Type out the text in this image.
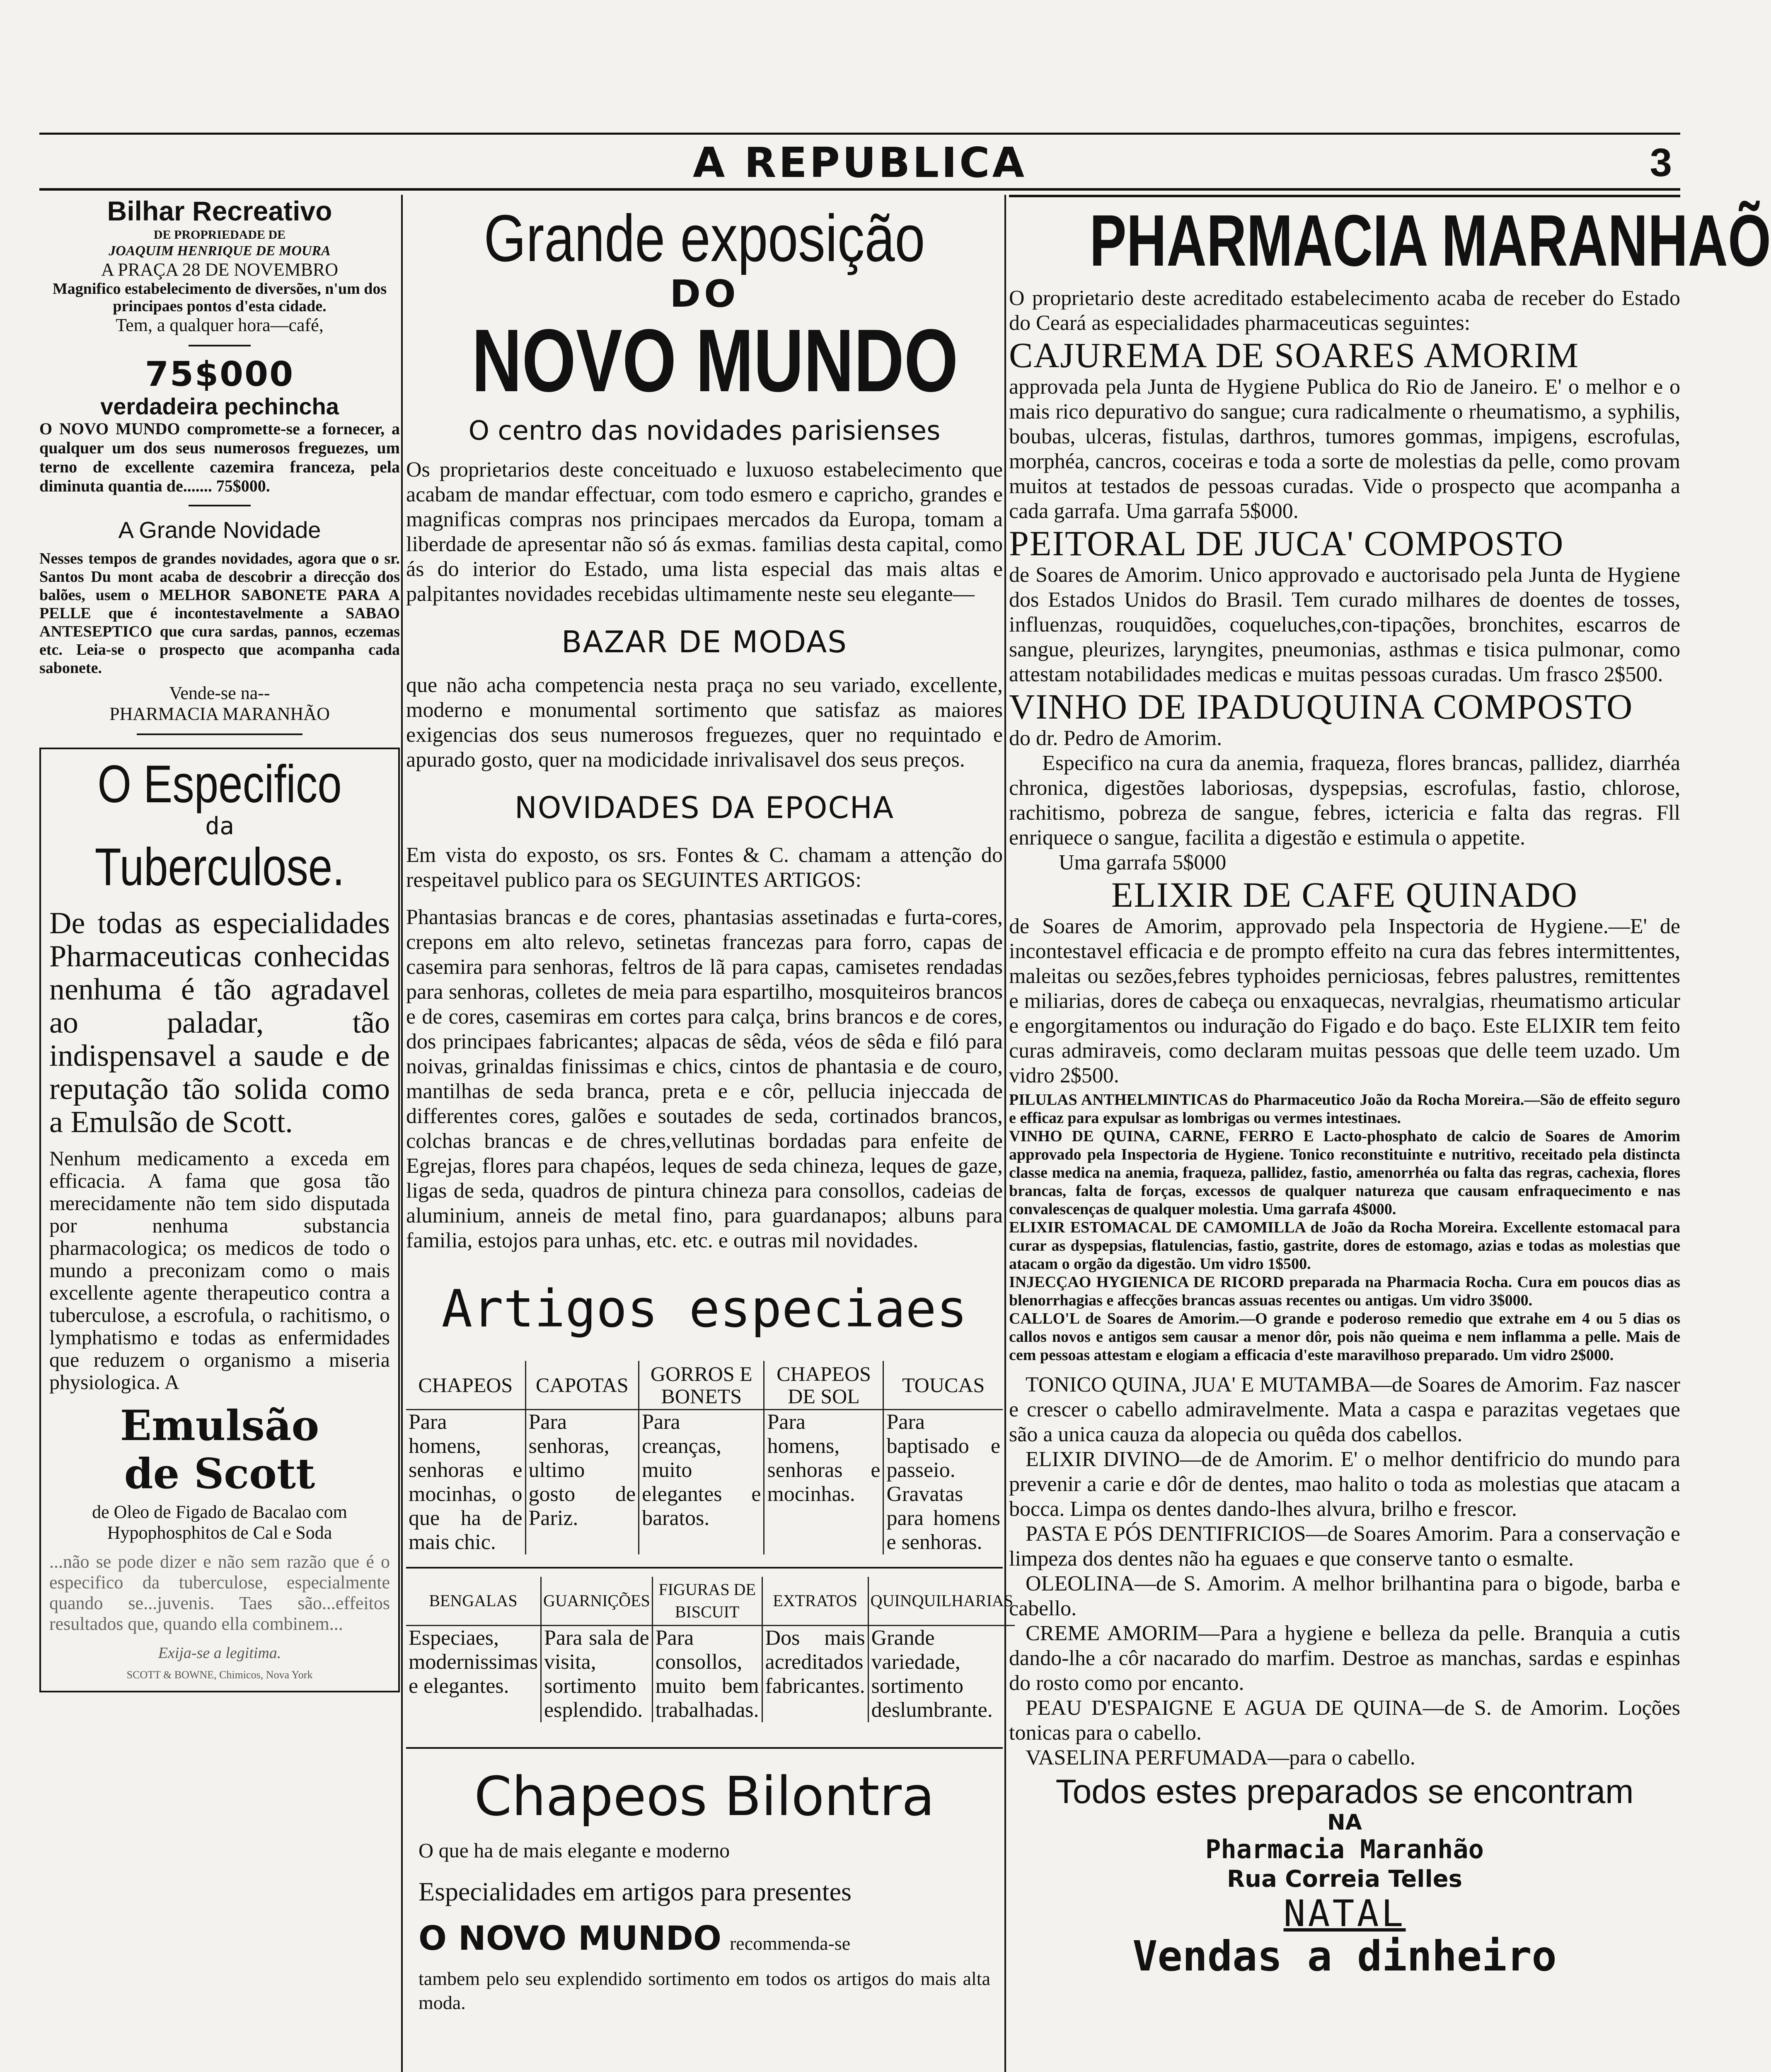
A REPUBLICA	3
Bilhar Recreativo
DE PROPRIEDADE DE
JOAQUIM HENRIQUE DE MOURA
A PRAÇA 28 DE NOVEMBRO

Magnifico estabelecimento de diversões, n'um dos principaes pontos d'esta cidade.

Tem, a qualquer hora—café,

75$000
verdadeira pechincha

O NOVO MUNDO compromette-se a fornecer, a qualquer um dos seus numerosos freguezes, um terno de excellente cazemira franceza, pela diminuta quantia de....... 75$000.

A Grande Novidade

Nesses tempos de grandes novidades, agora que o sr. Santos Du mont acaba de descobrir a direcção dos balões, usem o MELHOR SABONETE PARA A PELLE que é incontestavelmente a SABAO ANTESEPTICO que cura sardas, pannos, eczemas etc. Leia-se o prospecto que acompanha cada sabonete.

Vende-se na--

PHARMACIA MARANHÃO

O Especifico
da
Tuberculose.

De todas as especialidades Pharmaceuticas conhecidas nenhuma é tão agradavel ao paladar, tão indispensavel a saude e de reputação tão solida como a Emulsão de Scott.

Nenhum medicamento a exceda em efficacia. A fama que gosa tão merecidamente não tem sido disputada por nenhuma substancia pharmacologica; os medicos de todo o mundo a preconizam como o mais excellente agente therapeutico contra a tuberculose, a escrofula, o rachitismo, o lymphatismo e todas as enfermidades que reduzem o organismo a miseria physiologica. A

Emulsão
de Scott

de Oleo de Figado de Bacalao com Hypophosphitos de Cal e Soda

...não se pode dizer e não sem razão que é o especifico da tuberculose, especialmente quando se...juvenis. Taes são...effeitos resultados que, quando ella combinem...

Exija-se a legitima.

SCOTT & BOWNE, Chimicos, Nova York

Grande exposição
DO
NOVO MUNDO
O centro das novidades parisienses

Os proprietarios deste conceituado e luxuoso estabelecimento que acabam de mandar effectuar, com todo esmero e capricho, grandes e magnificas compras nos principaes mercados da Europa, tomam a liberdade de apresentar não só ás exmas. familias desta capital, como ás do interior do Estado, uma lista especial das mais altas e palpitantes novidades recebidas ultimamente neste seu elegante—

BAZAR DE MODAS

que não acha competencia nesta praça no seu variado, excellente, moderno e monumental sortimento que satisfaz as maiores exigencias dos seus numerosos freguezes, quer no requintado e apurado gosto, quer na modicidade inrivalisavel dos seus preços.

NOVIDADES DA EPOCHA

Em vista do exposto, os srs. Fontes & C. chamam a attenção do respeitavel publico para os SEGUINTES ARTIGOS:

Phantasias brancas e de cores, phantasias assetinadas e furta-cores, crepons em alto relevo, setinetas francezas para forro, capas de casemira para senhoras, feltros de lã para capas, camisetes rendadas para senhoras, colletes de meia para espartilho, mosquiteiros brancos e de cores, casemiras em cortes para calça, brins brancos e de cores, dos principaes fabricantes; alpacas de sêda, véos de sêda e filó para noivas, grinaldas finissimas e chics, cintos de phantasia e de couro, mantilhas de seda branca, preta e e côr, pellucia injeccada de differentes cores, galões e soutades de seda, cortinados brancos, colchas brancas e de chres,vellutinas bordadas para enfeite de Egrejas, flores para chapéos, leques de seda chineza, leques de gaze, ligas de seda, quadros de pintura chineza para consollos, cadeias de aluminium, anneis de metal fino, para guardanapos; albuns para familia, estojos para unhas, etc. etc. e outras mil novidades.

Artigos especiaes
CHAPEOS	CAPOTAS	GORROS E BONETS	CHAPEOS DE SOL	TOUCAS
Para homens, senhoras e mocinhas, o que ha de mais chic.	Para senhoras, ultimo gosto de Pariz.	Para creanças, muito elegantes e baratos.	Para homens, senhoras e mocinhas.	Para baptisado e passeio. Gravatas para homens e senhoras.
BENGALAS	GUARNIÇÕES	FIGURAS DE BISCUIT	EXTRATOS	QUINQUILHARIAS
Especiaes, modernissimas e elegantes.	Para sala de visita, sortimento esplendido.	Para consollos, muito bem trabalhadas.	Dos mais acreditados fabricantes.	Grande variedade, sortimento deslumbrante.
Chapeos Bilontra

O que ha de mais elegante e moderno

Especialidades em artigos para presentes

O NOVO MUNDO recommenda-se

tambem pelo seu explendido sortimento em todos os artigos do mais alta moda.

PHARMACIA MARANHAÕ

O proprietario deste acreditado estabelecimento acaba de receber do Estado do Ceará as especialidades pharmaceuticas seguintes:

CAJUREMA DE SOARES AMORIM

approvada pela Junta de Hygiene Publica do Rio de Janeiro. E' o melhor e o mais rico depurativo do sangue; cura radicalmente o rheumatismo, a syphilis, boubas, ulceras, fistulas, darthros, tumores gommas, impigens, escrofulas, morphéa, cancros, coceiras e toda a sorte de molestias da pelle, como provam muitos at testados de pessoas curadas. Vide o prospecto que acompanha a cada garrafa. Uma garrafa 5$000.

PEITORAL DE JUCA' COMPOSTO

de Soares de Amorim. Unico approvado e auctorisado pela Junta de Hygiene dos Estados Unidos do Brasil. Tem curado milhares de doentes de tosses, influenzas, rouquidões, coqueluches,con-tipações, bronchites, escarros de sangue, pleurizes, laryngites, pneumonias, asthmas e tisica pulmonar, como attestam notabilidades medicas e muitas pessoas curadas. Um frasco 2$500.

VINHO DE IPADUQUINA COMPOSTO

do dr. Pedro de Amorim.

Especifico na cura da anemia, fraqueza, flores brancas, pallidez, diarrhéa chronica, digestões laboriosas, dyspepsias, escrofulas, fastio, chlorose, rachitismo, pobreza de sangue, febres, ictericia e falta das regras. Fll enriquece o sangue, facilita a digestão e estimula o appetite.

Uma garrafa 5$000

ELIXIR DE CAFE QUINADO

de Soares de Amorim, approvado pela Inspectoria de Hygiene.—E' de incontestavel efficacia e de prompto effeito na cura das febres intermittentes, maleitas ou sezões,febres typhoides perniciosas, febres palustres, remittentes e miliarias, dores de cabeça ou enxaquecas, nevralgias, rheumatismo articular e engorgitamentos ou induração do Figado e do baço. Este ELIXIR tem feito curas admiraveis, como declaram muitas pessoas que delle teem uzado. Um vidro 2$500.

PILULAS ANTHELMINTICAS do Pharmaceutico João da Rocha Moreira.—São de effeito seguro e efficaz para expulsar as lombrigas ou vermes intestinaes.

VINHO DE QUINA, CARNE, FERRO E Lacto-phosphato de calcio de Soares de Amorim approvado pela Inspectoria de Hygiene. Tonico reconstituinte e nutritivo, receitado pela distincta classe medica na anemia, fraqueza, pallidez, fastio, amenorrhéa ou falta das regras, cachexia, flores brancas, falta de forças, excessos de qualquer natureza que causam enfraquecimento e nas convalescenças de qualquer molestia. Uma garrafa 4$000.

ELIXIR ESTOMACAL DE CAMOMILLA de João da Rocha Moreira. Excellente estomacal para curar as dyspepsias, flatulencias, fastio, gastrite, dores de estomago, azias e todas as molestias que atacam o orgão da digestão. Um vidro 1$500.

INJECÇAO HYGIENICA DE RICORD preparada na Pharmacia Rocha. Cura em poucos dias as blenorrhagias e affecções brancas assuas recentes ou antigas. Um vidro 3$000.

CALLO'L de Soares de Amorim.—O grande e poderoso remedio que extrahe em 4 ou 5 dias os callos novos e antigos sem causar a menor dôr, pois não queima e nem inflamma a pelle. Mais de cem pessoas attestam e elogiam a efficacia d'este maravilhoso preparado. Um vidro 2$000.

TONICO QUINA, JUA' E MUTAMBA—de Soares de Amorim. Faz nascer e crescer o cabello admiravelmente. Mata a caspa e parazitas vegetaes que são a unica cauza da alopecia ou quêda dos cabellos.

ELIXIR DIVINO—de de Amorim. E' o melhor dentifricio do mundo para prevenir a carie e dôr de dentes, mao halito o toda as molestias que atacam a bocca. Limpa os dentes dando-lhes alvura, brilho e frescor.

PASTA E PÓS DENTIFRICIOS—de Soares Amorim. Para a conservação e limpeza dos dentes não ha eguaes e que conserve tanto o esmalte.

OLEOLINA—de S. Amorim. A melhor brilhantina para o bigode, barba e cabello.

CREME AMORIM—Para a hygiene e belleza da pelle. Branquia a cutis dando-lhe a côr nacarado do marfim. Destroe as manchas, sardas e espinhas do rosto como por encanto.

PEAU D'ESPAIGNE E AGUA DE QUINA—de S. de Amorim. Loções tonicas para o cabello.

VASELINA PERFUMADA—para o cabello.

Todos estes preparados se encontram
NA
Pharmacia Maranhão
Rua Correia Telles
NATAL
Vendas a dinheiro
